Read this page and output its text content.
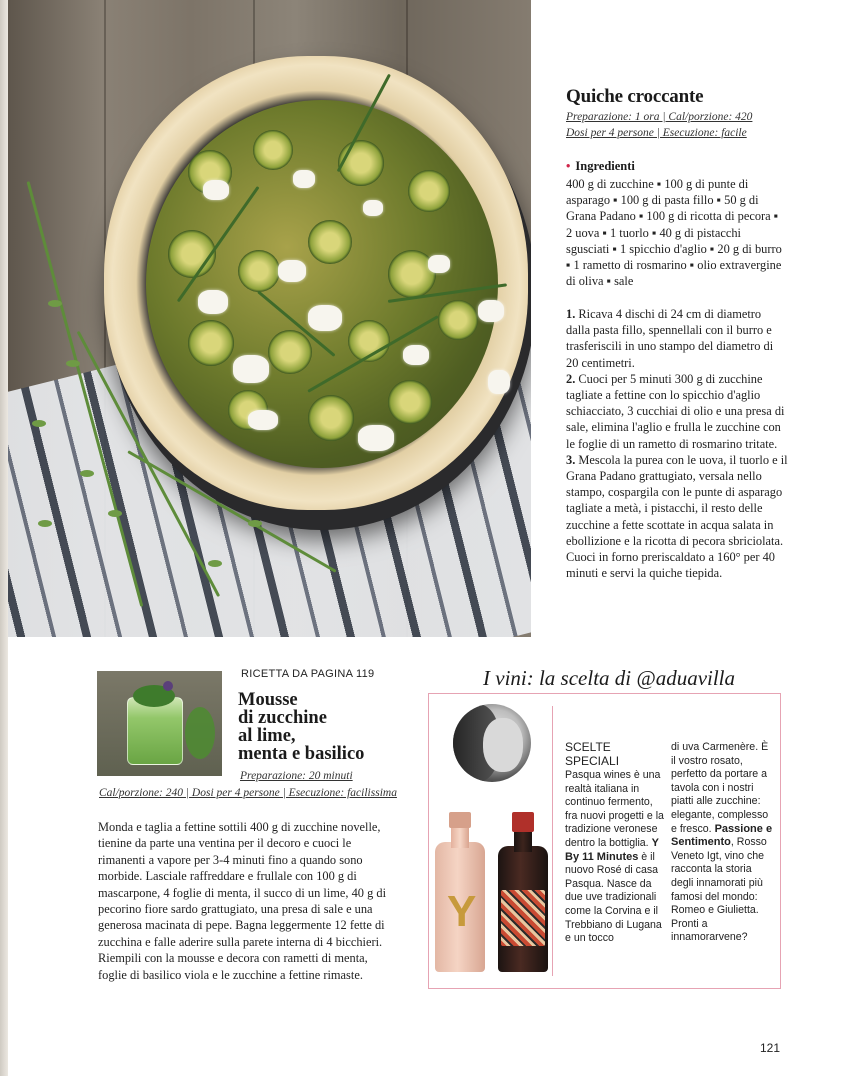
Quiche croccante
Preparazione: 1 ora | Cal/porzione: 420
Dosi per 4 persone | Esecuzione: facile
• Ingredienti
400 g di zucchine ▪ 100 g di punte di asparago ▪ 100 g di pasta fillo ▪ 50 g di Grana Padano ▪ 100 g di ricotta di pecora ▪ 2 uova ▪ 1 tuorlo ▪ 40 g di pistacchi sgusciati ▪ 1 spicchio d'aglio ▪ 20 g di burro ▪ 1 rametto di rosmarino ▪ olio extravergine di oliva ▪ sale

1. Ricava 4 dischi di 24 cm di diametro dalla pasta fillo, spennellali con il burro e trasferiscili in uno stampo del diametro di 20 centimetri.

2. Cuoci per 5 minuti 300 g di zucchine tagliate a fettine con lo spicchio d'aglio schiacciato, 3 cucchiai di olio e una presa di sale, elimina l'aglio e frulla le zucchine con le foglie di un rametto di rosmarino tritate.

3. Mescola la purea con le uova, il tuorlo e il Grana Padano grattugiato, versala nello stampo, cospargila con le punte di asparago tagliate a metà, i pistacchi, il resto delle zucchine a fette scottate in acqua salata in ebollizione e la ricotta di pecora sbriciolata. Cuoci in forno preriscaldato a 160° per 40 minuti e servi la quiche tiepida.

RICETTA DA PAGINA 119
Mousse
di zucchine
al lime,
menta e basilico
Preparazione: 20 minuti
Cal/porzione: 240 | Dosi per 4 persone | Esecuzione: facilissima
Monda e taglia a fettine sottili 400 g di zucchine novelle, tienine da parte una ventina per il decoro e cuoci le rimanenti a vapore per 3-4 minuti fino a quando sono morbide. Lasciale raffreddare e frullale con 100 g di mascarpone, 4 foglie di menta, il succo di un lime, 40 g di pecorino fiore sardo grattugiato, una presa di sale e una generosa macinata di pepe. Bagna leggermente 12 fette di zucchina e falle aderire sulla parete interna di 4 bicchieri. Riempili con la mousse e decora con rametti di menta, foglie di basilico viola e le zucchine a fettine rimaste.
I vini: la scelta di @aduavilla
Y
SCELTE SPECIALI
Pasqua wines è una realtà italiana in continuo fermento, fra nuovi progetti e la tradizione veronese dentro la bottiglia. Y By 11 Minutes è il nuovo Rosé di casa Pasqua. Nasce da due uve tradizionali come la Corvina e il Trebbiano di Lugana e un tocco
di uva Carmenère. È il vostro rosato, perfetto da portare a tavola con i nostri piatti alle zucchine: elegante, complesso e fresco. Passione e Sentimento, Rosso Veneto Igt, vino che racconta la storia degli innamorati più famosi del mondo: Romeo e Giulietta. Pronti a innamorarvene?
121
